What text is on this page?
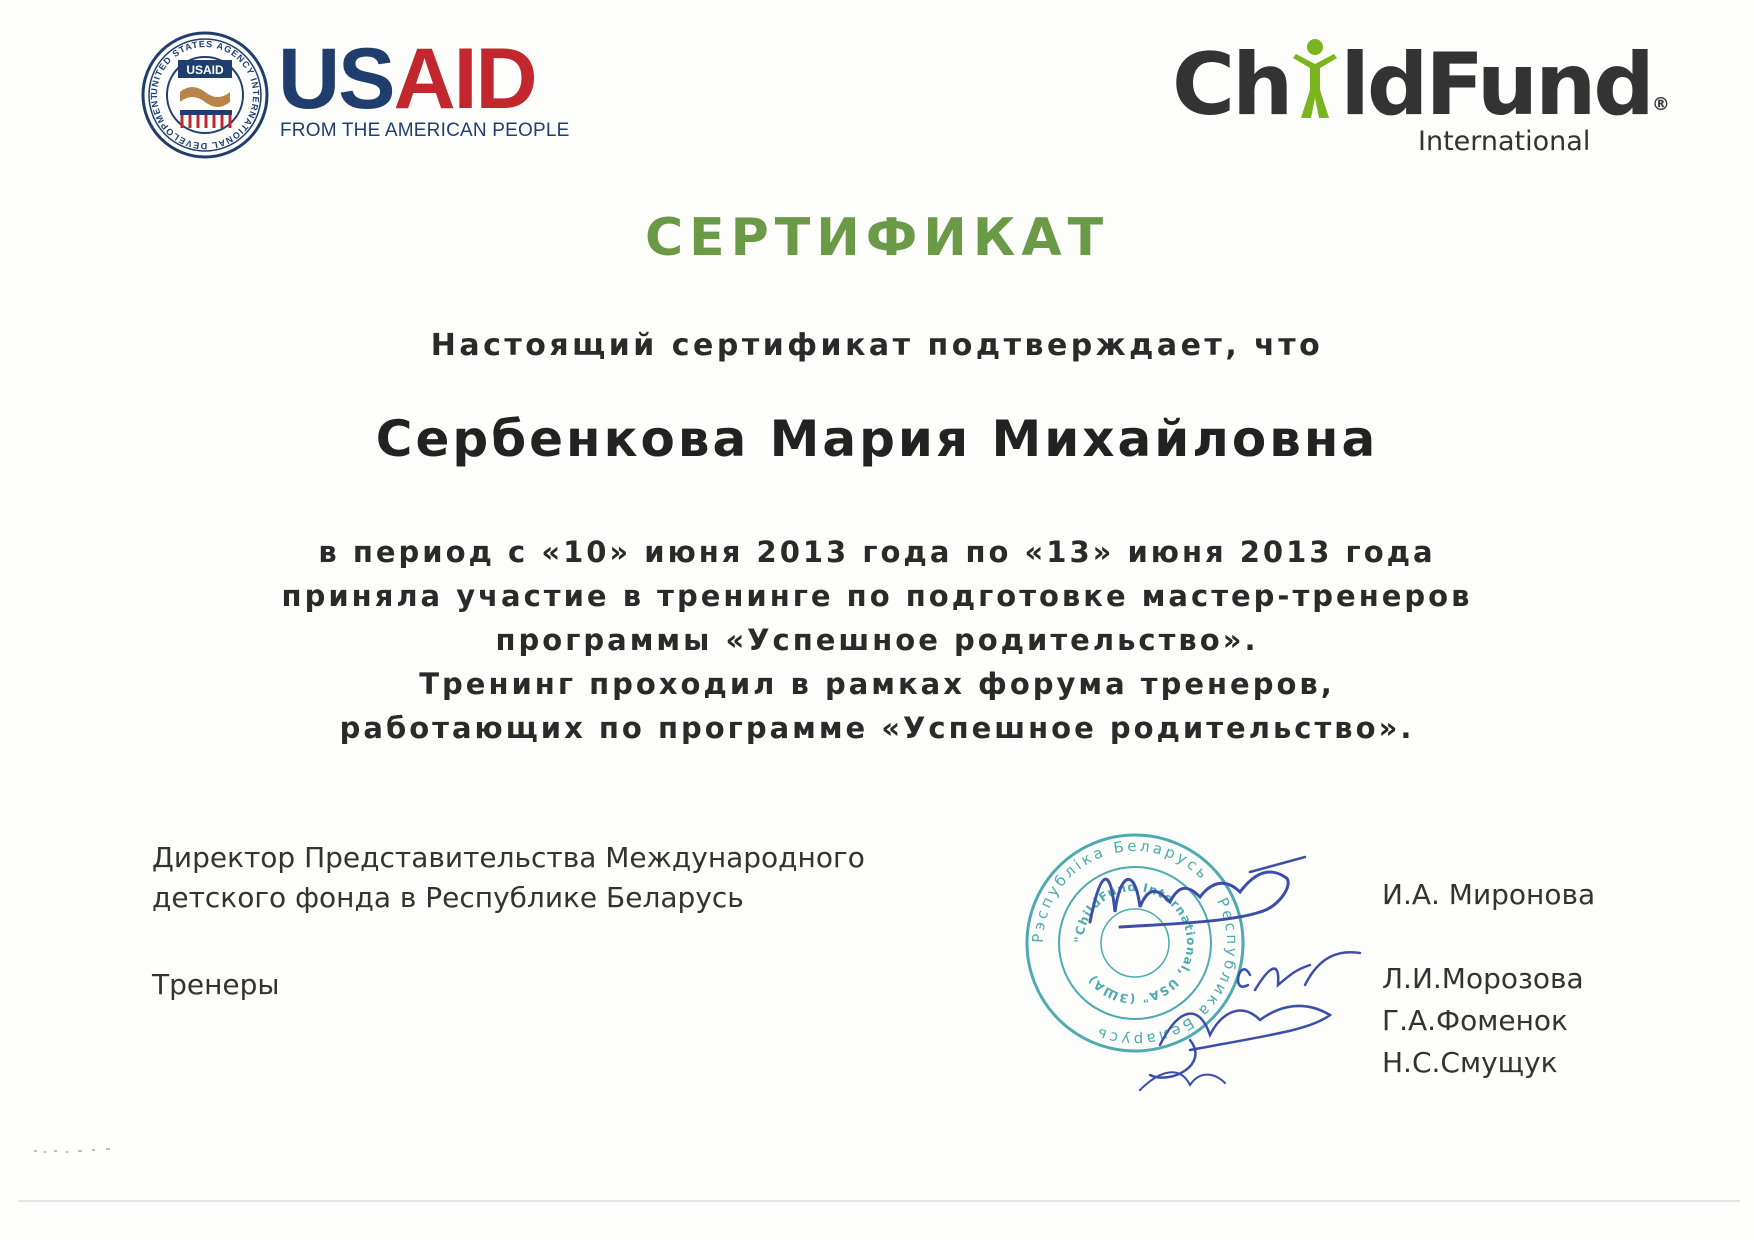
UNITED STATES AGENCY INTERNATIONAL DEVELOPMENT
USAID USAID
FROM THE AMERICAN PEOPLE	Ch ldFund®
International
СЕРТИФИКАТ
Настоящий сертификат подтверждает, что
Сербенкова Мария Михайловна
в период с «10» июня 2013 года по «13» июня 2013 года
приняла участие в тренинге по подготовке мастер-тренеров
программы «Успешное родительство».
Тренинг проходил в рамках форума тренеров,
работающих по программе «Успешное родительство».
Директор Представительства Международного
детского фонда в Республике Беларусь
Тренеры
Рэспубліка Беларусь · Республика Беларусь
"ChildFund International, USA" (ЗША)
И.А. Миронова
Л.И.Морозова
Г.А.Фоменок
Н.С.Смущук
